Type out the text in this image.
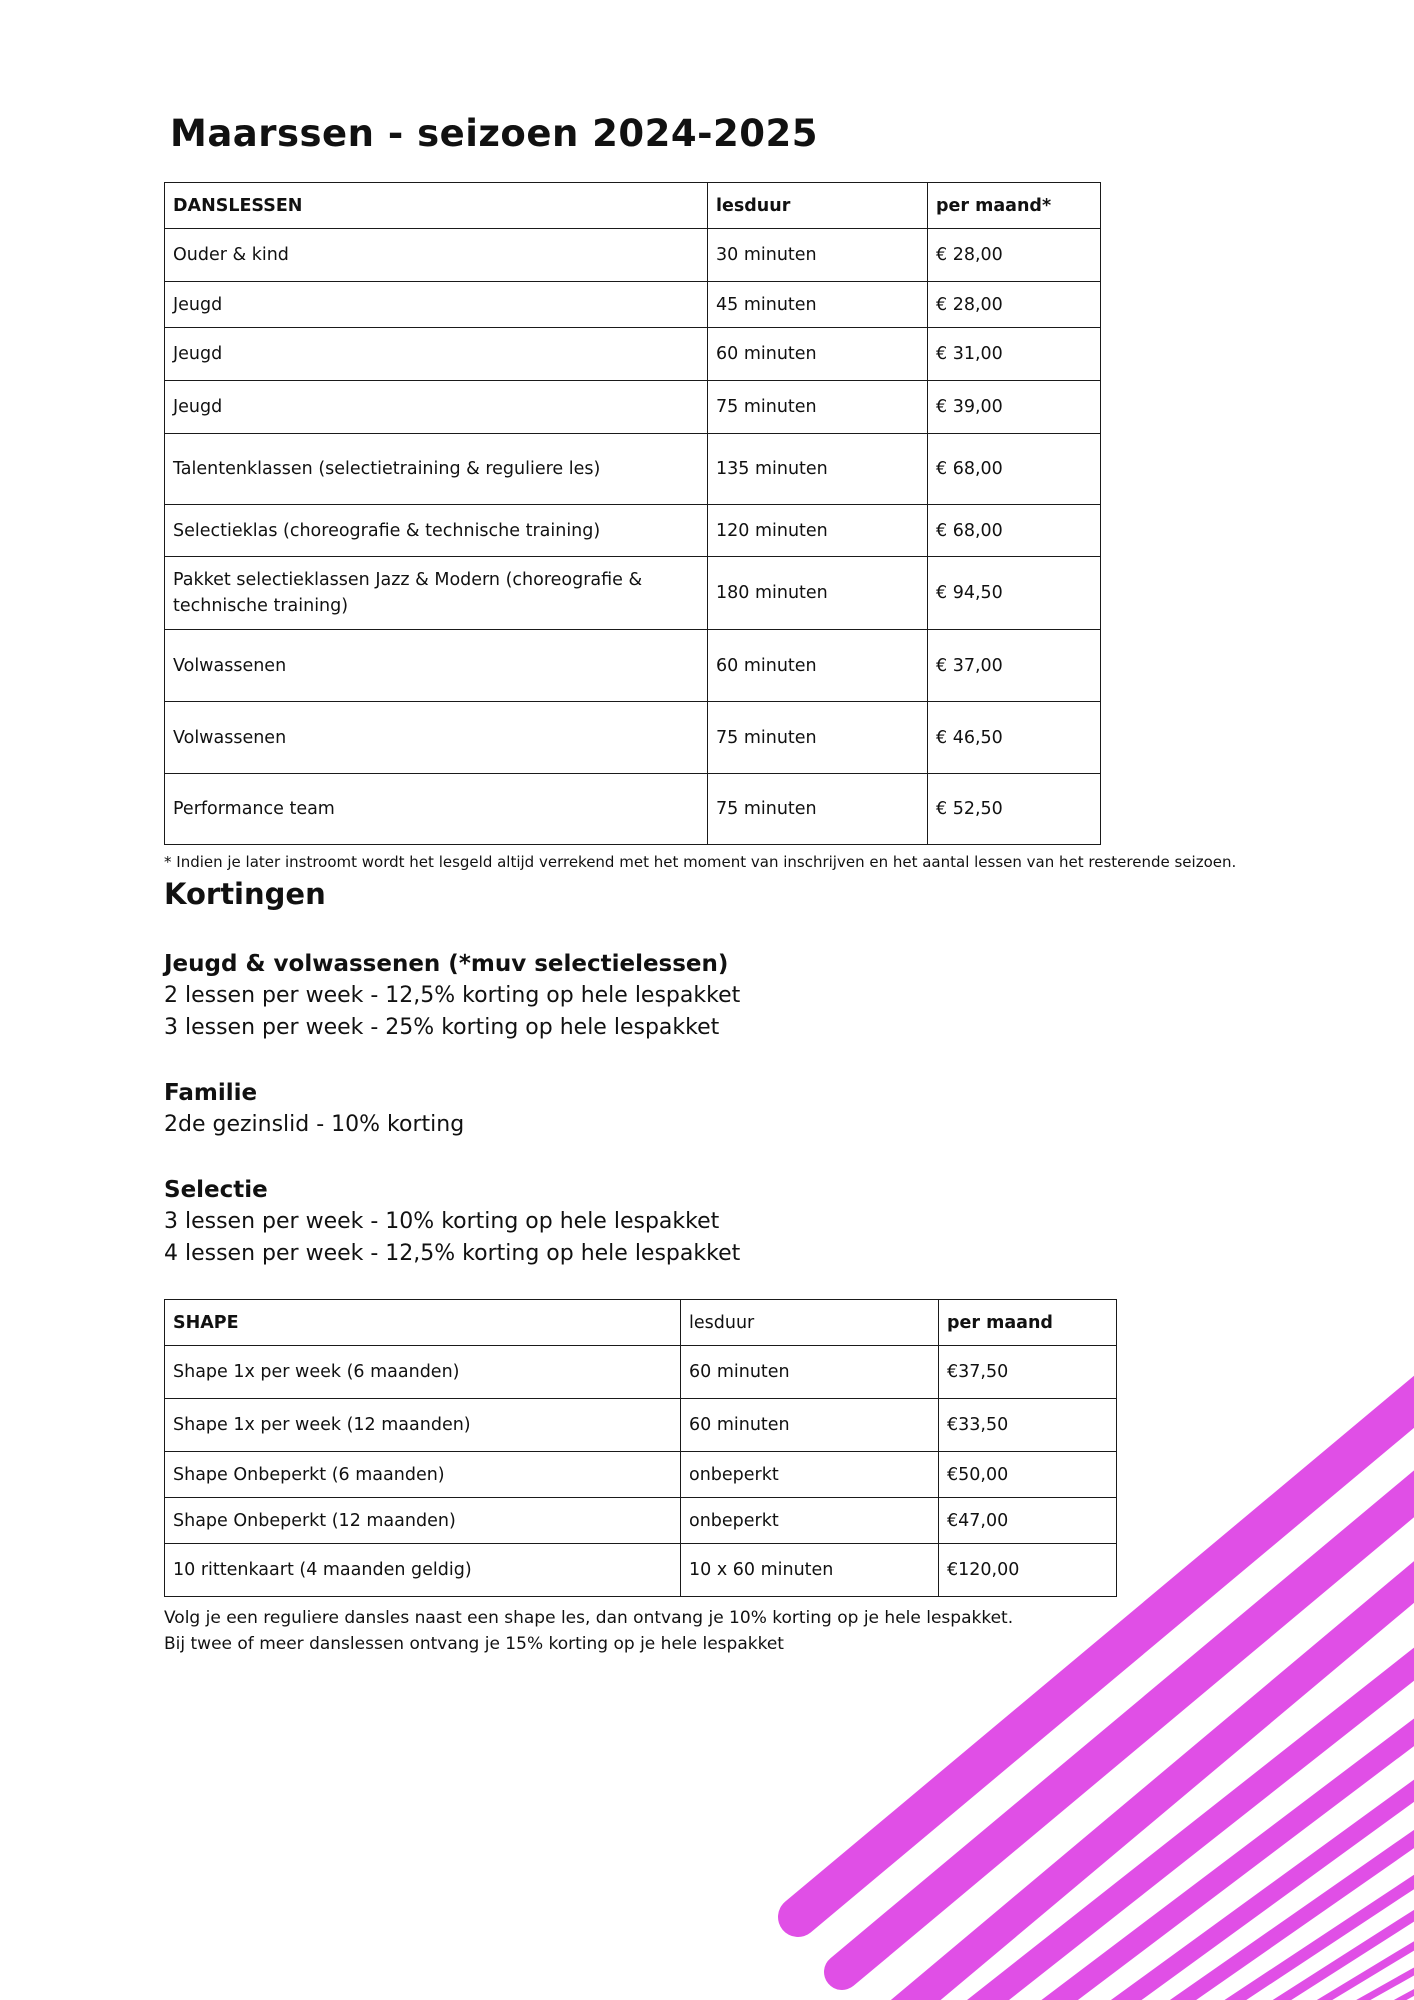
Maarssen - seizoen 2024-2025
DANSLESSEN	lesduur	per maand*
Ouder & kind	30 minuten	€ 28,00
Jeugd	45 minuten	€ 28,00
Jeugd	60 minuten	€ 31,00
Jeugd	75 minuten	€ 39,00
Talentenklassen (selectietraining & reguliere les)	135 minuten	€ 68,00
Selectieklas (choreografie & technische training)	120 minuten	€ 68,00
Pakket selectieklassen Jazz & Modern (choreografie & technische training)	180 minuten	€ 94,50
Volwassenen	60 minuten	€ 37,00
Volwassenen	75 minuten	€ 46,50
Performance team	75 minuten	€ 52,50

* Indien je later instroomt wordt het lesgeld altijd verrekend met het moment van inschrijven en het aantal lessen van het resterende seizoen.

Kortingen

Jeugd & volwassenen (*muv selectielessen)

2 lessen per week - 12,5% korting op hele lespakket

3 lessen per week - 25% korting op hele lespakket

Familie

2de gezinslid - 10% korting

Selectie

3 lessen per week - 10% korting op hele lespakket

4 lessen per week - 12,5% korting op hele lespakket

SHAPE	lesduur	per maand
Shape 1x per week (6 maanden)	60 minuten	€37,50
Shape 1x per week (12 maanden)	60 minuten	€33,50
Shape Onbeperkt (6 maanden)	onbeperkt	€50,00
Shape Onbeperkt (12 maanden)	onbeperkt	€47,00
10 rittenkaart (4 maanden geldig)	10 x 60 minuten	€120,00

Volg je een reguliere dansles naast een shape les, dan ontvang je 10% korting op je hele lespakket.

Bij twee of meer danslessen ontvang je 15% korting op je hele lespakket
